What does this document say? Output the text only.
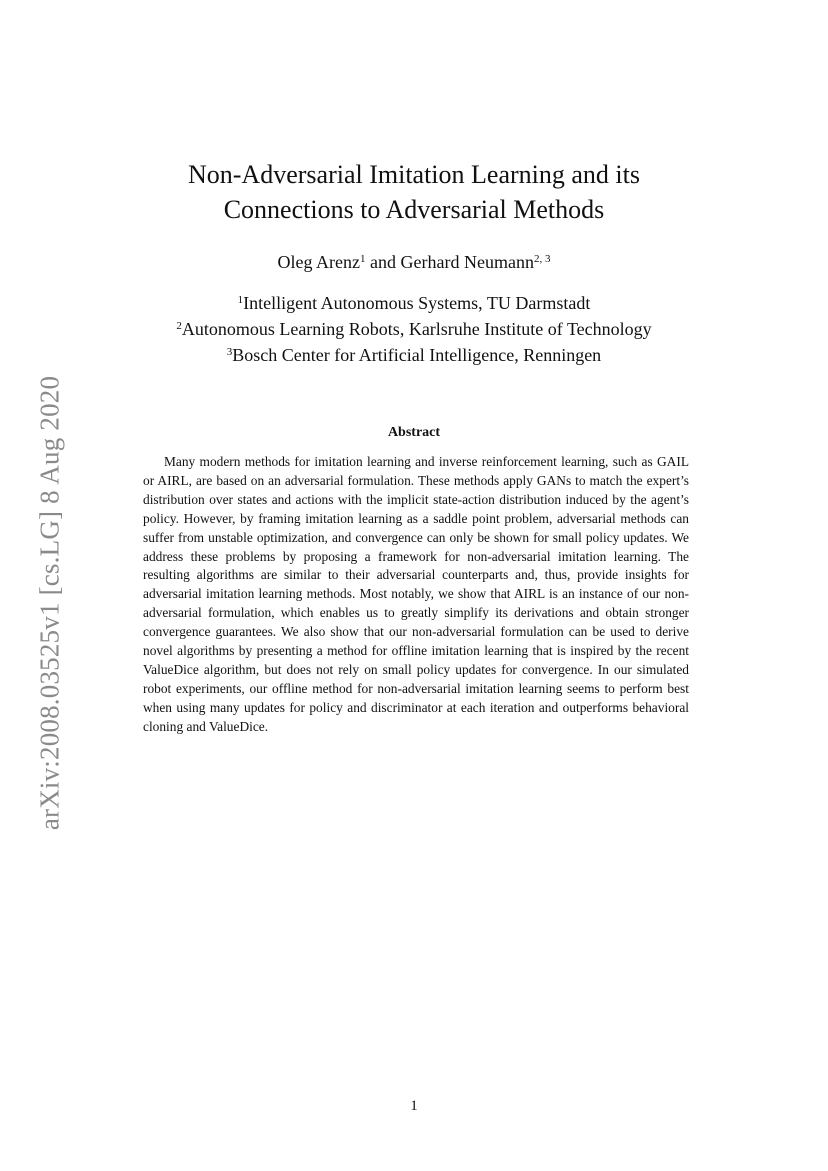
arXiv:2008.03525v1 [cs.LG] 8 Aug 2020
Non-Adversarial Imitation Learning and its
Connections to Adversarial Methods
Oleg Arenz$^1$ and Gerhard Neumann$^{2, 3}$
$^1$Intelligent Autonomous Systems, TU Darmstadt
$^2$Autonomous Learning Robots, Karlsruhe Institute of Technology
$^3$Bosch Center for Artificial Intelligence, Renningen
Abstract
Many modern methods for imitation learning and inverse reinforcement learning, such as GAIL or AIRL, are based on an adversarial formulation. These methods apply GANs to match the expert’s distribution over states and actions with the implicit state-action distribution induced by the agent’s policy. However, by framing imitation learning as a saddle point problem, adversarial methods can suffer from unstable optimization, and convergence can only be shown for small policy updates. We address these problems by proposing a framework for non-adversarial imitation learning. The resulting algorithms are similar to their adversarial counterparts and, thus, provide insights for adversarial imitation learning methods. Most notably, we show that AIRL is an instance of our non-adversarial formulation, which enables us to greatly simplify its derivations and obtain stronger convergence guarantees. We also show that our non-adversarial formulation can be used to derive novel algorithms by presenting a method for offline imitation learning that is inspired by the recent ValueDice algorithm, but does not rely on small policy updates for convergence. In our simulated robot experiments, our offline method for non-adversarial imitation learning seems to perform best when using many updates for policy and discriminator at each iteration and outperforms behavioral cloning and ValueDice.
1
